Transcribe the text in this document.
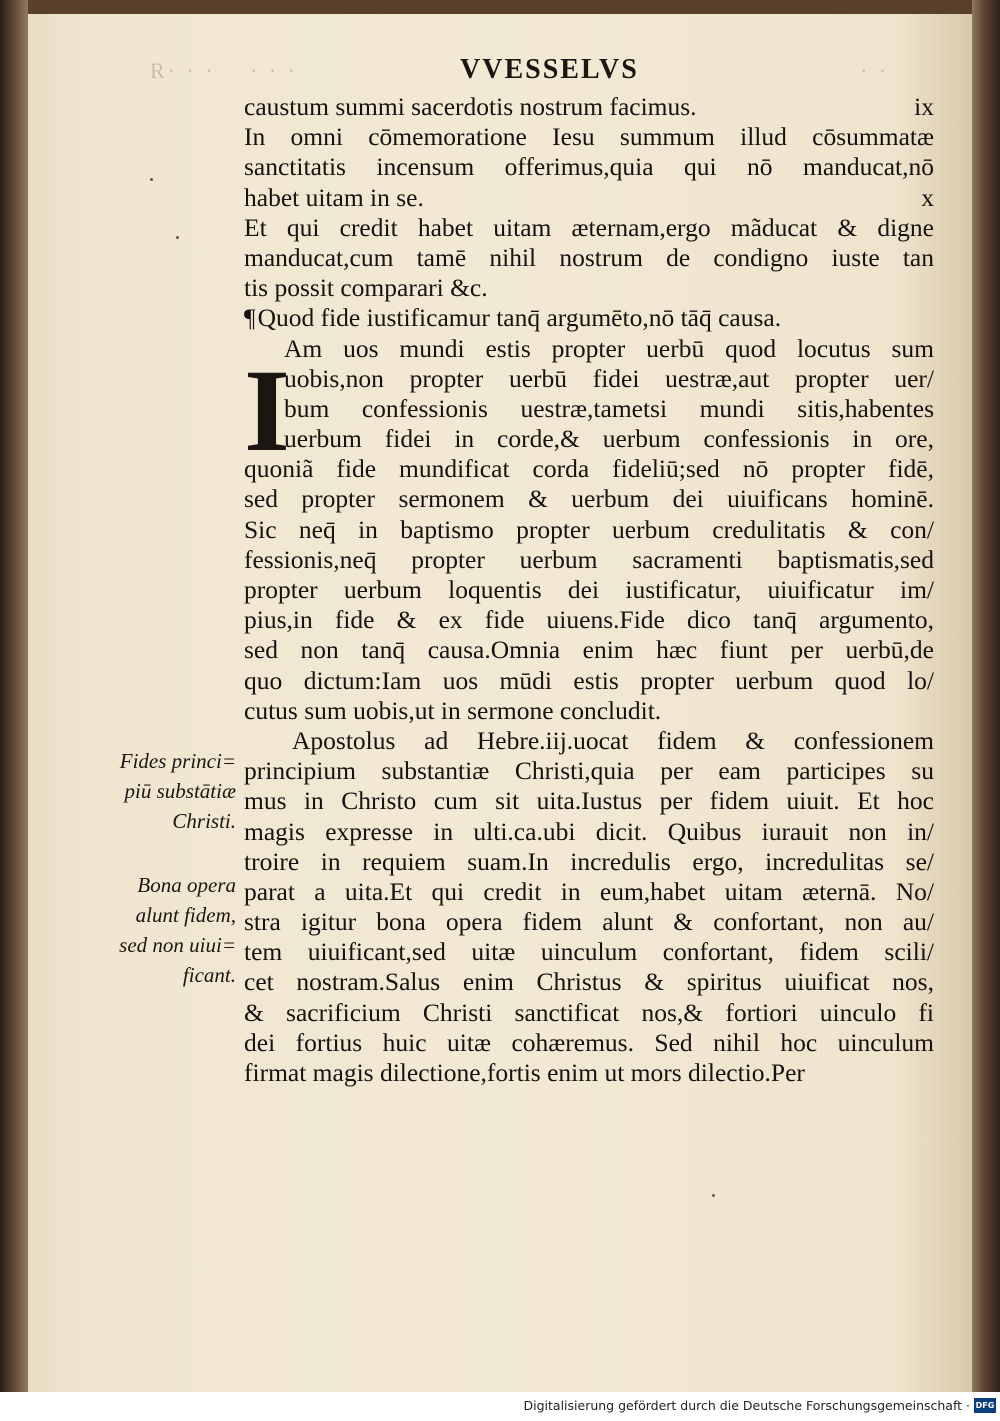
R· · · · · ·	· ·
VVESSELVS
I
caustum summi sacerdotis nostrum facimus.	ix
In omni cōmemoratione Iesu summum illud cōsummatæ
sanctitatis incensum offerimus,quia qui nō manducat,nō
habet uitam in se.	x
Et qui credit habet uitam æternam,ergo mãducat & digne
manducat,cum tamē nihil nostrum de condigno iuste tan
tis possit comparari &c.
¶Quod fide iustificamur tanq̄ argumēto,nō tāq̄ causa.
Am uos mundi estis propter uerbū quod locutus sum
uobis,non propter uerbū fidei uestræ,aut propter uer/
bum confessionis uestræ,tametsi mundi sitis,habentes
uerbum fidei in corde,& uerbum confessionis in ore,
quoniã fide mundificat corda fideliū;sed nō propter fidē,
sed propter sermonem & uerbum dei uiuificans hominē.
Sic neq̄ in baptismo propter uerbum credulitatis & con/
fessionis,neq̄ propter uerbum sacramenti baptismatis,sed
propter uerbum loquentis dei iustificatur, uiuificatur im/
pius,in fide & ex fide uiuens.Fide dico tanq̄ argumento,
sed non tanq̄ causa.Omnia enim hæc fiunt per uerbū,de
quo dictum:Iam uos mūdi estis propter uerbum quod lo/
cutus sum uobis,ut in sermone concludit.
Apostolus ad Hebre.iij.uocat fidem & confessionem
principium substantiæ Christi,quia per eam participes su
mus in Christo cum sit uita.Iustus per fidem uiuit. Et hoc
magis expresse in ulti.ca.ubi dicit. Quibus iurauit non in/
troire in requiem suam.In incredulis ergo, incredulitas se/
parat a uita.Et qui credit in eum,habet uitam æternā. No/
stra igitur bona opera fidem alunt & confortant, non au/
tem uiuificant,sed uitæ uinculum confortant, fidem scili/
cet nostram.Salus enim Christus & spiritus uiuificat nos,
& sacrificium Christi sanctificat nos,& fortiori uinculo fi
dei fortius huic uitæ cohæremus. Sed nihil hoc uinculum
firmat magis dilectione,fortis enim ut mors dilectio.Per
Fides princi=
piū substātiæ
Christi.
Bona opera
alunt fidem,
sed non uiui=
ficant.
Digitalisierung gefördert durch die Deutsche Forschungsgemeinschaft · DFG
